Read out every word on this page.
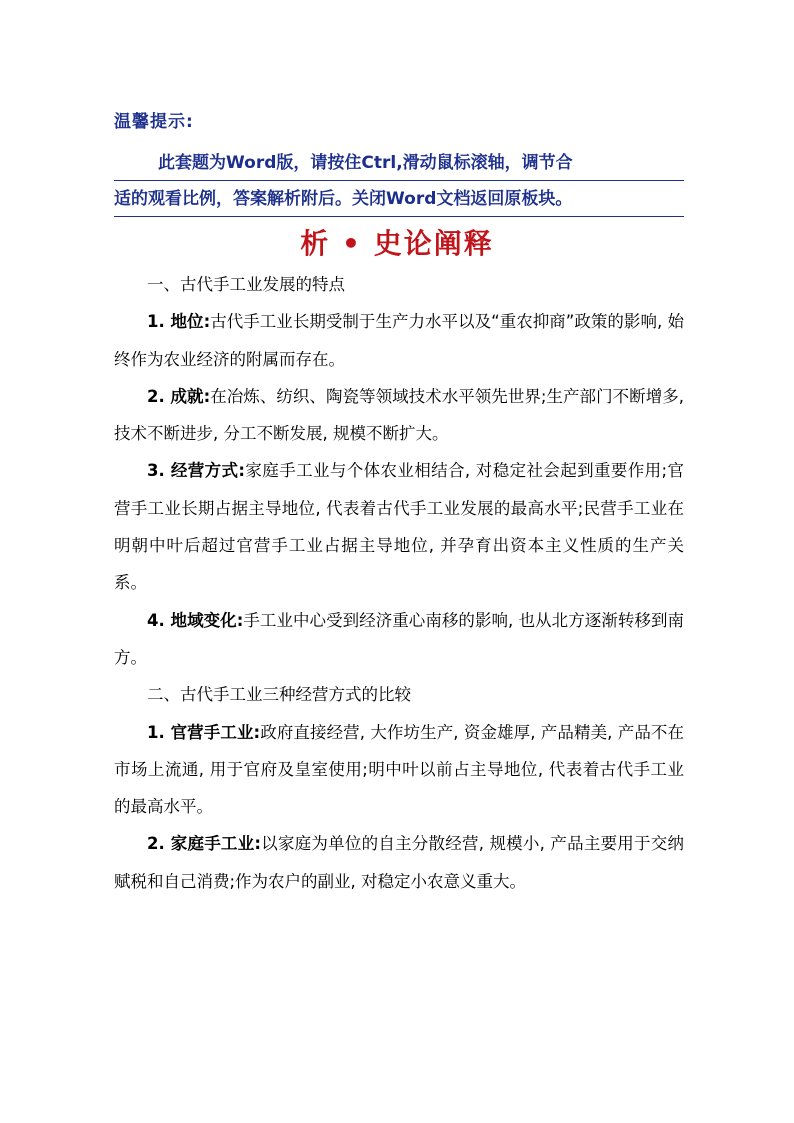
温馨提示:
此套题为Word版，请按住Ctrl,滑动鼠标滚轴，调节合
适的观看比例，答案解析附后。关闭Word文档返回原板块。
析 • 史论阐释

一、古代手工业发展的特点

1. 地位:古代手工业长期受制于生产力水平以及“重农抑商”政策的影响, 始终作为农业经济的附属而存在。

2. 成就:在冶炼、纺织、陶瓷等领域技术水平领先世界;生产部门不断增多, 技术不断进步, 分工不断发展, 规模不断扩大。

3. 经营方式:家庭手工业与个体农业相结合, 对稳定社会起到重要作用;官营手工业长期占据主导地位, 代表着古代手工业发展的最高水平;民营手工业在明朝中叶后超过官营手工业占据主导地位, 并孕育出资本主义性质的生产关系。

4. 地域变化:手工业中心受到经济重心南移的影响, 也从北方逐渐转移到南方。

二、古代手工业三种经营方式的比较

1. 官营手工业:政府直接经营, 大作坊生产, 资金雄厚, 产品精美, 产品不在市场上流通, 用于官府及皇室使用;明中叶以前占主导地位, 代表着古代手工业的最高水平。

2. 家庭手工业:以家庭为单位的自主分散经营, 规模小, 产品主要用于交纳赋税和自己消费;作为农户的副业, 对稳定小农意义重大。
